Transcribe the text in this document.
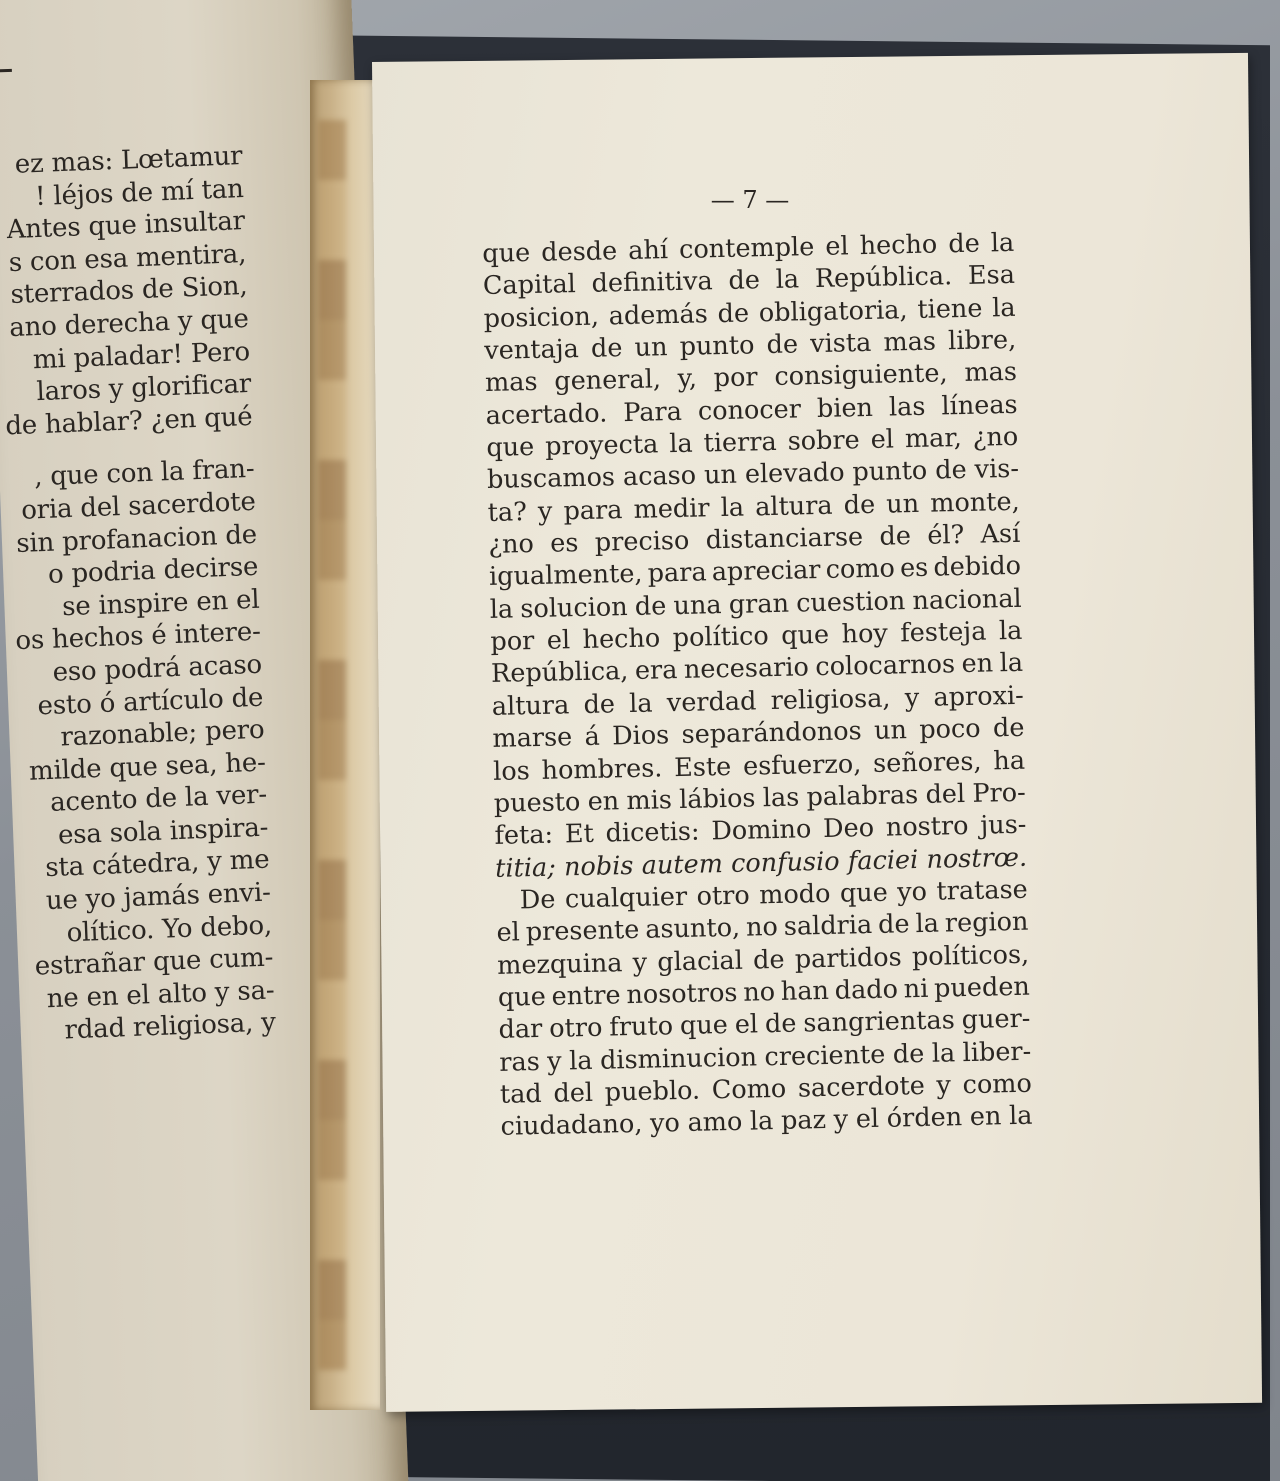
ez mas: Lœtamur
! léjos de mí tan
Antes que insultar
s con esa mentira,
sterrados de Sion,
ano derecha y que
mi paladar! Pero
laros y glorificar
de hablar? ¿en qué
, que con la fran-
oria del sacerdote
sin profanacion de
o podria decirse
se inspire en el
os hechos é intere-
eso podrá acaso
esto ó artículo de
razonable; pero
milde que sea, he-
acento de la ver-
esa sola inspira-
sta cátedra, y me
ue yo jamás envi-
olítico. Yo debo,
estrañar que cum-
ne en el alto y sa-
rdad religiosa, y
— 7 —
que desde ahí contemple el hecho de la
Capital definitiva de la República. Esa
posicion, además de obligatoria, tiene la
ventaja de un punto de vista mas libre,
mas general, y, por consiguiente, mas
acertado. Para conocer bien las líneas
que proyecta la tierra sobre el mar, ¿no
buscamos acaso un elevado punto de vis-
ta? y para medir la altura de un monte,
¿no es preciso distanciarse de él? Así
igualmente, para apreciar como es debido
la solucion de una gran cuestion nacional
por el hecho político que hoy festeja la
República, era necesario colocarnos en la
altura de la verdad religiosa, y aproxi-
marse á Dios separándonos un poco de
los hombres. Este esfuerzo, señores, ha
puesto en mis lábios las palabras del Pro-
feta: Et dicetis: Domino Deo nostro jus-
titia; nobis autem confusio faciei nostrœ.
De cualquier otro modo que yo tratase
el presente asunto, no saldria de la region
mezquina y glacial de partidos políticos,
que entre nosotros no han dado ni pueden
dar otro fruto que el de sangrientas guer-
ras y la disminucion creciente de la liber-
tad del pueblo. Como sacerdote y como
ciudadano, yo amo la paz y el órden en la
